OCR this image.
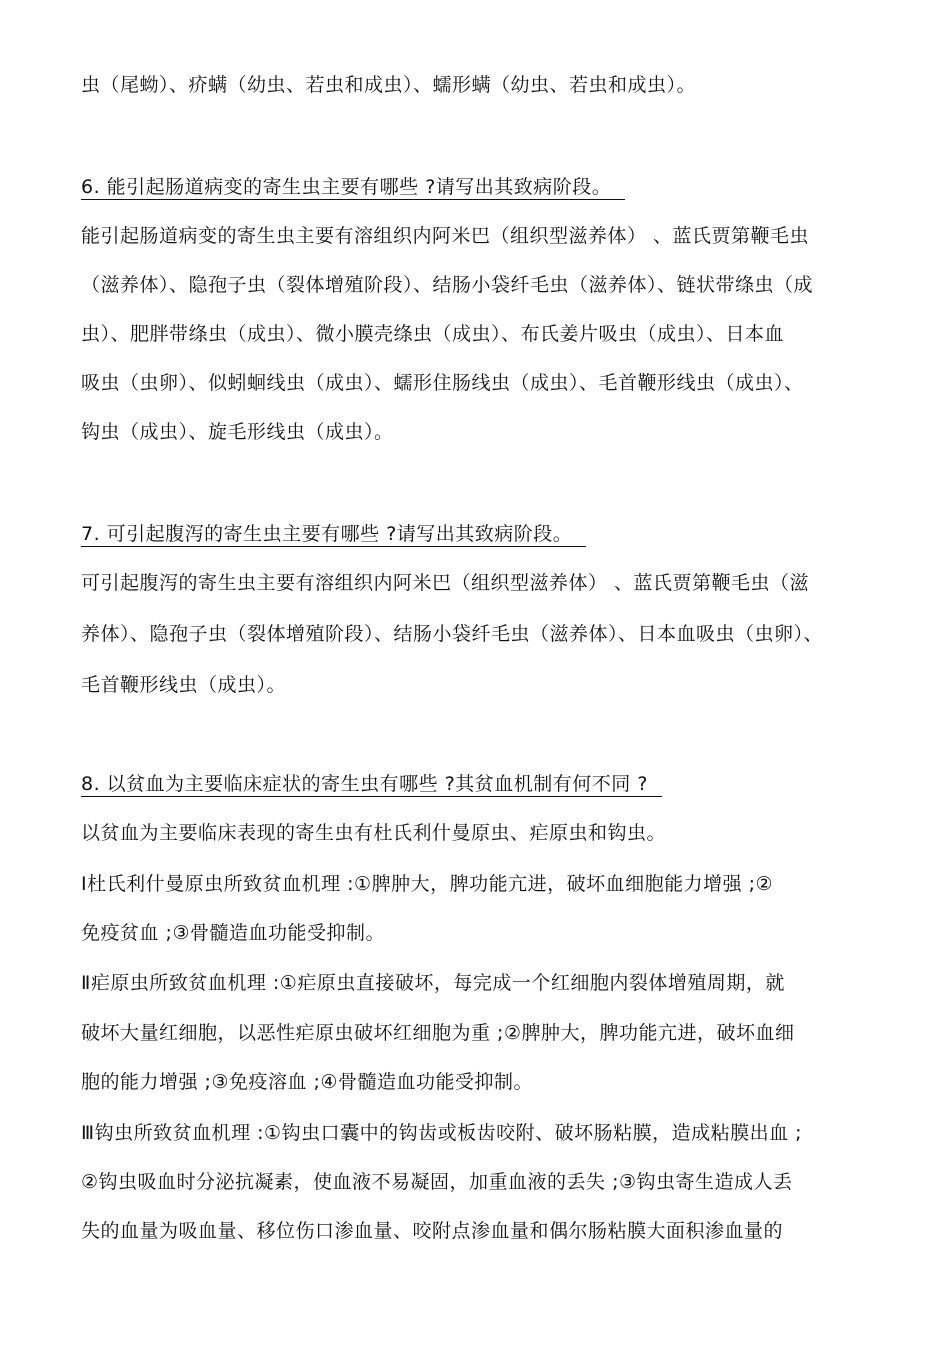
虫（尾蚴）、疥螨（幼虫、若虫和成虫）、蠕形螨（幼虫、若虫和成虫）。
6. 能引起肠道病变的寄生虫主要有哪些 ?请写出其致病阶段。
能引起肠道病变的寄生虫主要有溶组织内阿米巴（组织型滋养体） 、蓝氏贾第鞭毛虫
（滋养体）、隐孢子虫（裂体增殖阶段）、结肠小袋纤毛虫（滋养体）、链状带绦虫（成
虫）、肥胖带绦虫（成虫）、微小膜壳绦虫（成虫）、布氏姜片吸虫（成虫）、日本血
吸虫（虫卵）、似蚓蛔线虫（成虫）、蠕形住肠线虫（成虫）、毛首鞭形线虫（成虫）、
钩虫（成虫）、旋毛形线虫（成虫）。
7. 可引起腹泻的寄生虫主要有哪些 ?请写出其致病阶段。
可引起腹泻的寄生虫主要有溶组织内阿米巴（组织型滋养体） 、蓝氏贾第鞭毛虫（滋
养体）、隐孢子虫（裂体增殖阶段）、结肠小袋纤毛虫（滋养体）、日本血吸虫（虫卵）、
毛首鞭形线虫（成虫）。
8. 以贫血为主要临床症状的寄生虫有哪些 ?其贫血机制有何不同 ?
以贫血为主要临床表现的寄生虫有杜氏利什曼原虫、疟原虫和钩虫。
Ⅰ杜氏利什曼原虫所致贫血机理 :①脾肿大，脾功能亢进，破坏血细胞能力增强 ;②
免疫贫血 ;③骨髓造血功能受抑制。
Ⅱ疟原虫所致贫血机理 :①疟原虫直接破坏，每完成一个红细胞内裂体增殖周期，就
破坏大量红细胞，以恶性疟原虫破坏红细胞为重 ;②脾肿大，脾功能亢进，破坏血细
胞的能力增强 ;③免疫溶血 ;④骨髓造血功能受抑制。
Ⅲ钩虫所致贫血机理 :①钩虫口囊中的钩齿或板齿咬附、破坏肠粘膜，造成粘膜出血 ;
②钩虫吸血时分泌抗凝素，使血液不易凝固，加重血液的丢失 ;③钩虫寄生造成人丢
失的血量为吸血量、移位伤口渗血量、咬附点渗血量和偶尔肠粘膜大面积渗血量的
